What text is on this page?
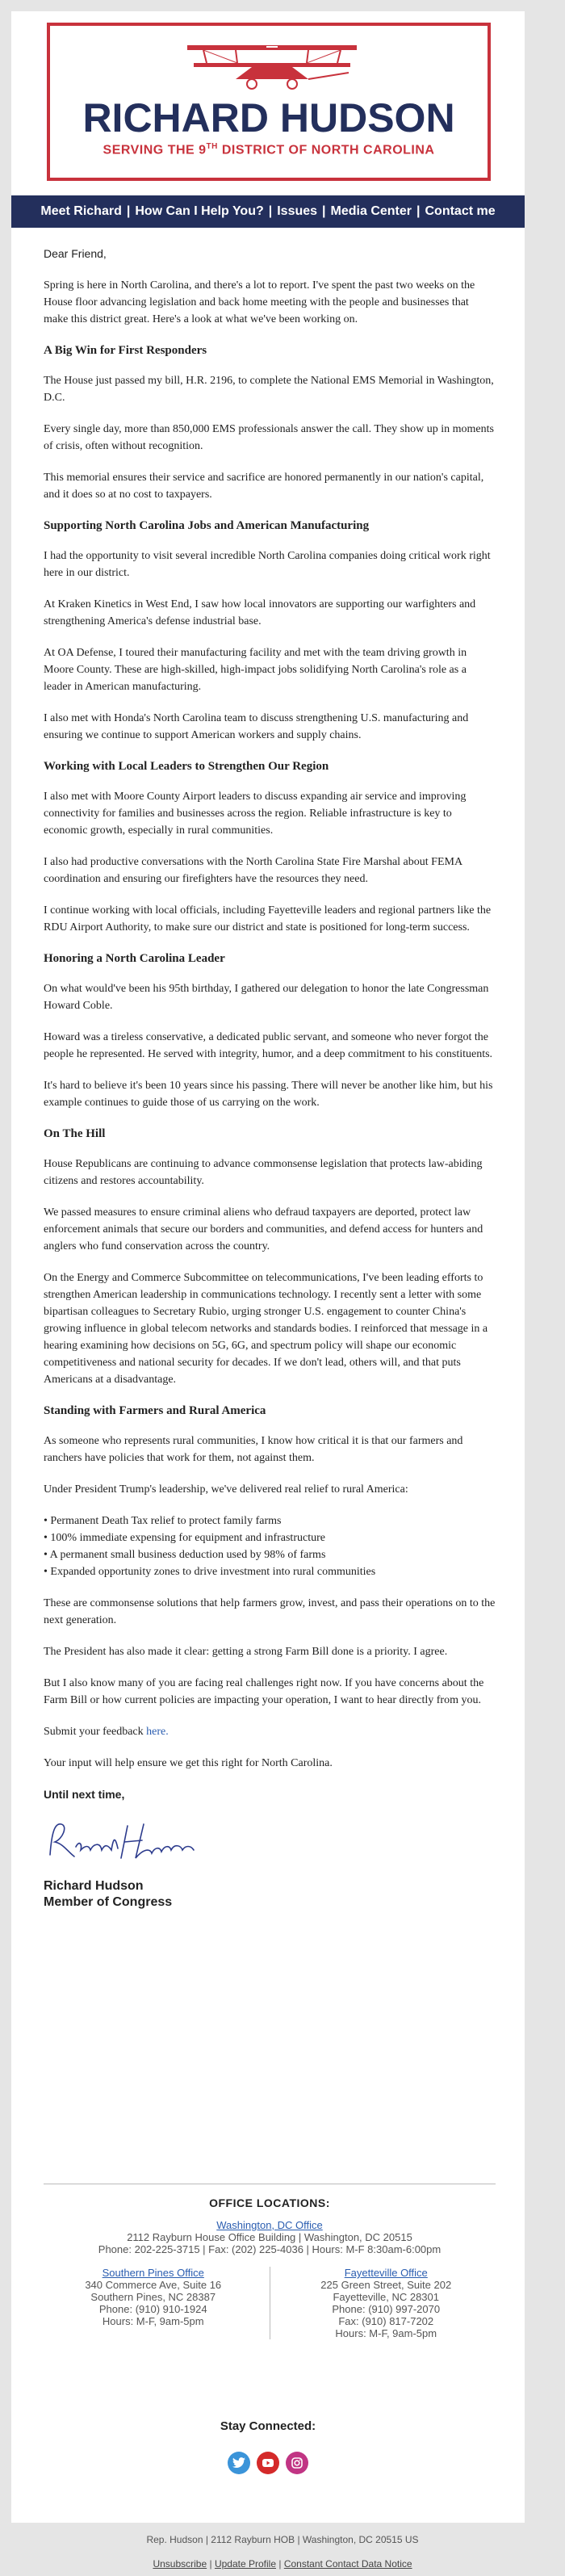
RICHARD HUDSON
SERVING THE 9TH DISTRICT OF NORTH CAROLINA
Meet Richard | How Can I Help You? | Issues | Media Center | Contact me

Dear Friend,

Spring is here in North Carolina, and there's a lot to report. I've spent the past two weeks on the House floor advancing legislation and back home meeting with the people and businesses that make this district great. Here's a look at what we've been working on.

A Big Win for First Responders

The House just passed my bill, H.R. 2196, to complete the National EMS Memorial in Washington, D.C.

Every single day, more than 850,000 EMS professionals answer the call. They show up in moments of crisis, often without recognition.

This memorial ensures their service and sacrifice are honored permanently in our nation's capital, and it does so at no cost to taxpayers.

Supporting North Carolina Jobs and American Manufacturing

I had the opportunity to visit several incredible North Carolina companies doing critical work right here in our district.

At Kraken Kinetics in West End, I saw how local innovators are supporting our warfighters and strengthening America's defense industrial base.

At OA Defense, I toured their manufacturing facility and met with the team driving growth in Moore County. These are high-skilled, high-impact jobs solidifying North Carolina's role as a leader in American manufacturing.

I also met with Honda's North Carolina team to discuss strengthening U.S. manufacturing and ensuring we continue to support American workers and supply chains.

Working with Local Leaders to Strengthen Our Region

I also met with Moore County Airport leaders to discuss expanding air service and improving connectivity for families and businesses across the region. Reliable infrastructure is key to economic growth, especially in rural communities.

I also had productive conversations with the North Carolina State Fire Marshal about FEMA coordination and ensuring our firefighters have the resources they need.

I continue working with local officials, including Fayetteville leaders and regional partners like the RDU Airport Authority, to make sure our district and state is positioned for long-term success.

Honoring a North Carolina Leader

On what would've been his 95th birthday, I gathered our delegation to honor the late Congressman Howard Coble.

Howard was a tireless conservative, a dedicated public servant, and someone who never forgot the people he represented. He served with integrity, humor, and a deep commitment to his constituents.

It's hard to believe it's been 10 years since his passing. There will never be another like him, but his example continues to guide those of us carrying on the work.

On The Hill

House Republicans are continuing to advance commonsense legislation that protects law-abiding citizens and restores accountability.

We passed measures to ensure criminal aliens who defraud taxpayers are deported, protect law enforcement animals that secure our borders and communities, and defend access for hunters and anglers who fund conservation across the country.

On the Energy and Commerce Subcommittee on telecommunications, I've been leading efforts to strengthen American leadership in communications technology. I recently sent a letter with some bipartisan colleagues to Secretary Rubio, urging stronger U.S. engagement to counter China's growing influence in global telecom networks and standards bodies. I reinforced that message in a hearing examining how decisions on 5G, 6G, and spectrum policy will shape our economic competitiveness and national security for decades. If we don't lead, others will, and that puts Americans at a disadvantage.

Standing with Farmers and Rural America

As someone who represents rural communities, I know how critical it is that our farmers and ranchers have policies that work for them, not against them.

Under President Trump's leadership, we've delivered real relief to rural America:

• Permanent Death Tax relief to protect family farms
• 100% immediate expensing for equipment and infrastructure
• A permanent small business deduction used by 98% of farms
• Expanded opportunity zones to drive investment into rural communities

These are commonsense solutions that help farmers grow, invest, and pass their operations on to the next generation.

The President has also made it clear: getting a strong Farm Bill done is a priority. I agree.

But I also know many of you are facing real challenges right now. If you have concerns about the Farm Bill or how current policies are impacting your operation, I want to hear directly from you.

Submit your feedback here.

Your input will help ensure we get this right for North Carolina.

Until next time,
Richard Hudson
Member of Congress
OFFICE LOCATIONS:
Washington, DC Office
2112 Rayburn House Office Building | Washington, DC 20515
Phone: 202-225-3715 | Fax: (202) 225-4036 | Hours: M-F 8:30am-6:00pm
Southern Pines Office
340 Commerce Ave, Suite 16
Southern Pines, NC 28387
Phone: (910) 910-1924
Hours: M-F, 9am-5pm
Fayetteville Office
225 Green Street, Suite 202
Fayetteville, NC 28301
Phone: (910) 997-2070
Fax: (910) 817-7202
Hours: M-F, 9am-5pm
Stay Connected:
Rep. Hudson | 2112 Rayburn HOB | Washington, DC 20515 US
Unsubscribe | Update Profile | Constant Contact Data Notice
